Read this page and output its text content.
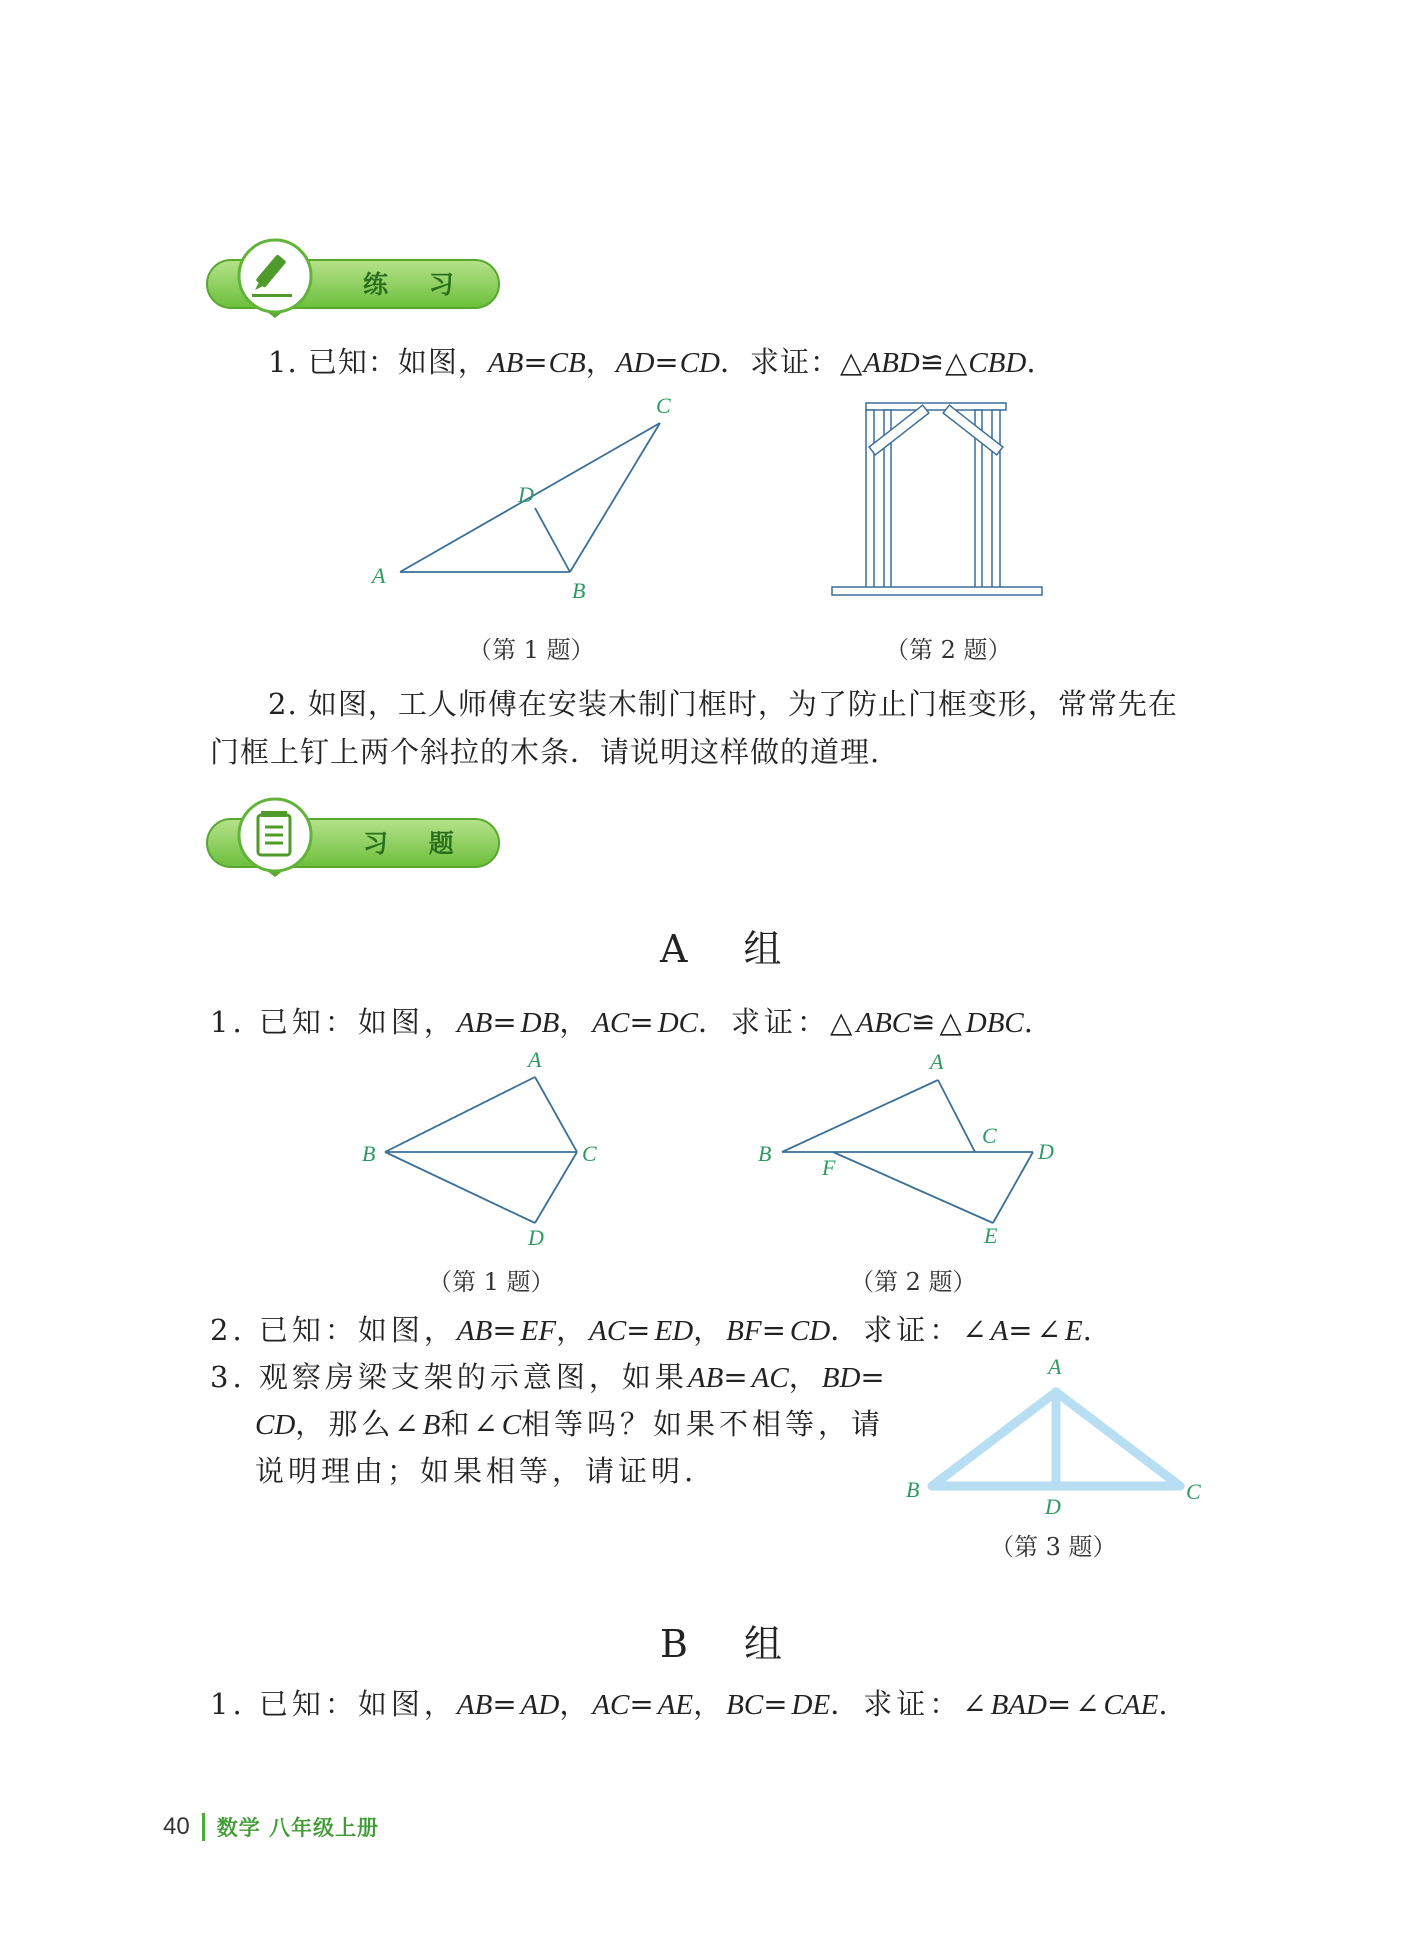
练 习
1. 已知：如图，AB=CB，AD=CD．求证：△ABD≌△CBD.
A
B
C
D
（第 1 题）	（第 2 题）
2. 如图，工人师傅在安装木制门框时，为了防止门框变形，常常先在
门框上钉上两个斜拉的木条．请说明这样做的道理.
习 题
A 组
1. 已知：如图，AB=DB，AC=DC．求证：△ABC≌△DBC.
A
B	C
D
（第 1 题）
A
B
C
D
E
F
（第 2 题）
2. 已知：如图，AB=EF，AC=ED，BF=CD．求证：∠A=∠E.
3. 观察房梁支架的示意图，如果AB=AC，BD=
CD，那么∠B和∠C相等吗？如果不相等，请
说明理由；如果相等，请证明.
A
B	C
D
（第 3 题）
B 组
1. 已知：如图，AB=AD，AC=AE，BC=DE．求证：∠BAD=∠CAE.
40 数学 八年级上册
